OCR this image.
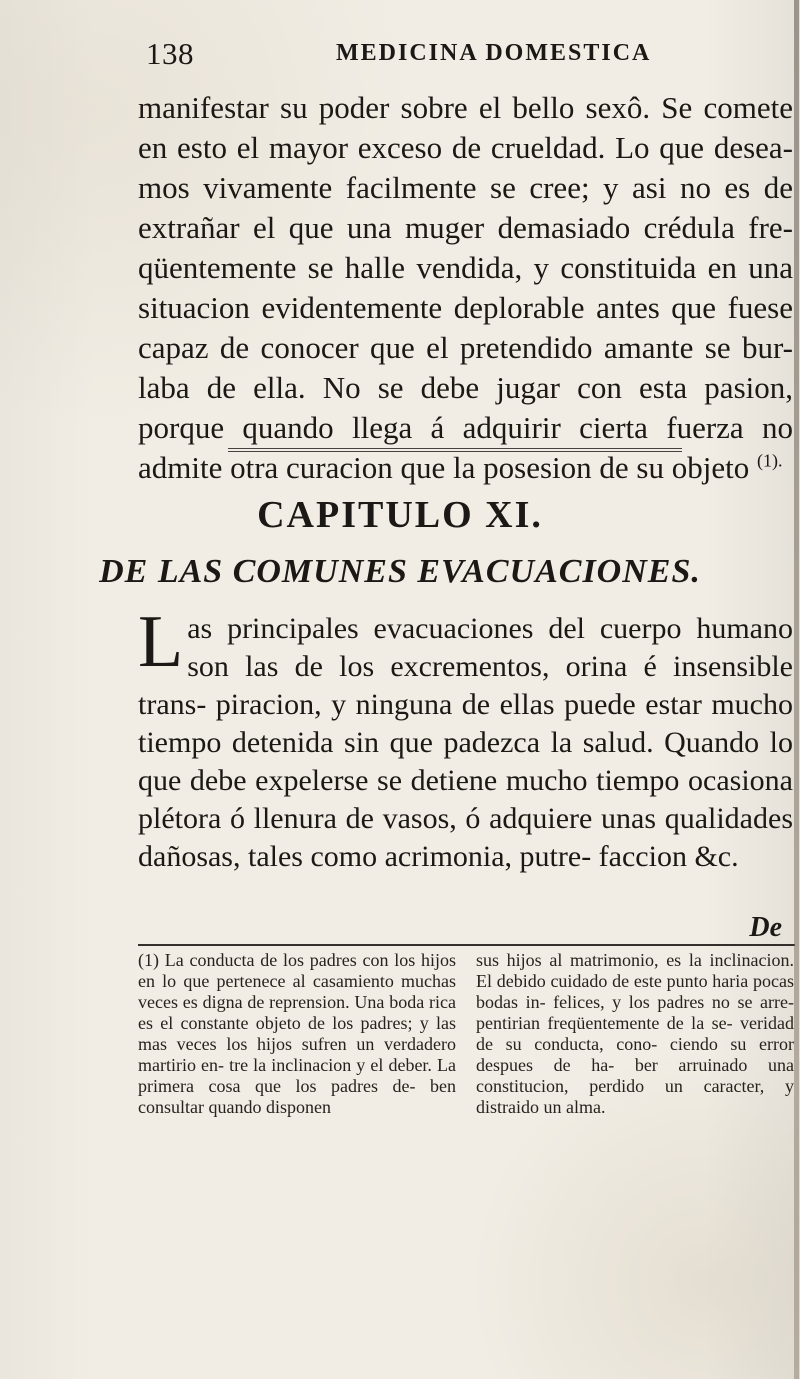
138	MEDICINA DOMESTICA

manifestar su poder sobre el bello sexô. Se comete en esto el mayor exceso de crueldad. Lo que desea- mos vivamente facilmente se cree; y asi no es de extrañar el que una muger demasiado crédula fre- qüentemente se halle vendida, y constituida en una situacion evidentemente deplorable antes que fuese capaz de conocer que el pretendido amante se bur- laba de ella. No se debe jugar con esta pasion, porque quando llega á adquirir cierta fuerza no admite otra curacion que la posesion de su objeto $^{(1).}$

CAPITULO XI.
DE LAS COMUNES EVACUACIONES.

Las principales evacuaciones del cuerpo humano son las de los excrementos, orina é insensible trans- piracion, y ninguna de ellas puede estar mucho tiempo detenida sin que padezca la salud. Quando lo que debe expelerse se detiene mucho tiempo ocasiona plétora ó llenura de vasos, ó adquiere unas qualidades dañosas, tales como acrimonia, putre- faccion &c.

De

(1) La conducta de los padres con los hijos en lo que pertenece al casamiento muchas veces es digna de reprension. Una boda rica es el constante objeto de los padres; y las mas veces los hijos sufren un verdadero martirio en- tre la inclinacion y el deber. La primera cosa que los padres de- ben consultar quando disponen

sus hijos al matrimonio, es la inclinacion. El debido cuidado de este punto haria pocas bodas in- felices, y los padres no se arre- pentirian freqüentemente de la se- veridad de su conducta, cono- ciendo su error despues de ha- ber arruinado una constitucion, perdido un caracter, y distraido un alma.
